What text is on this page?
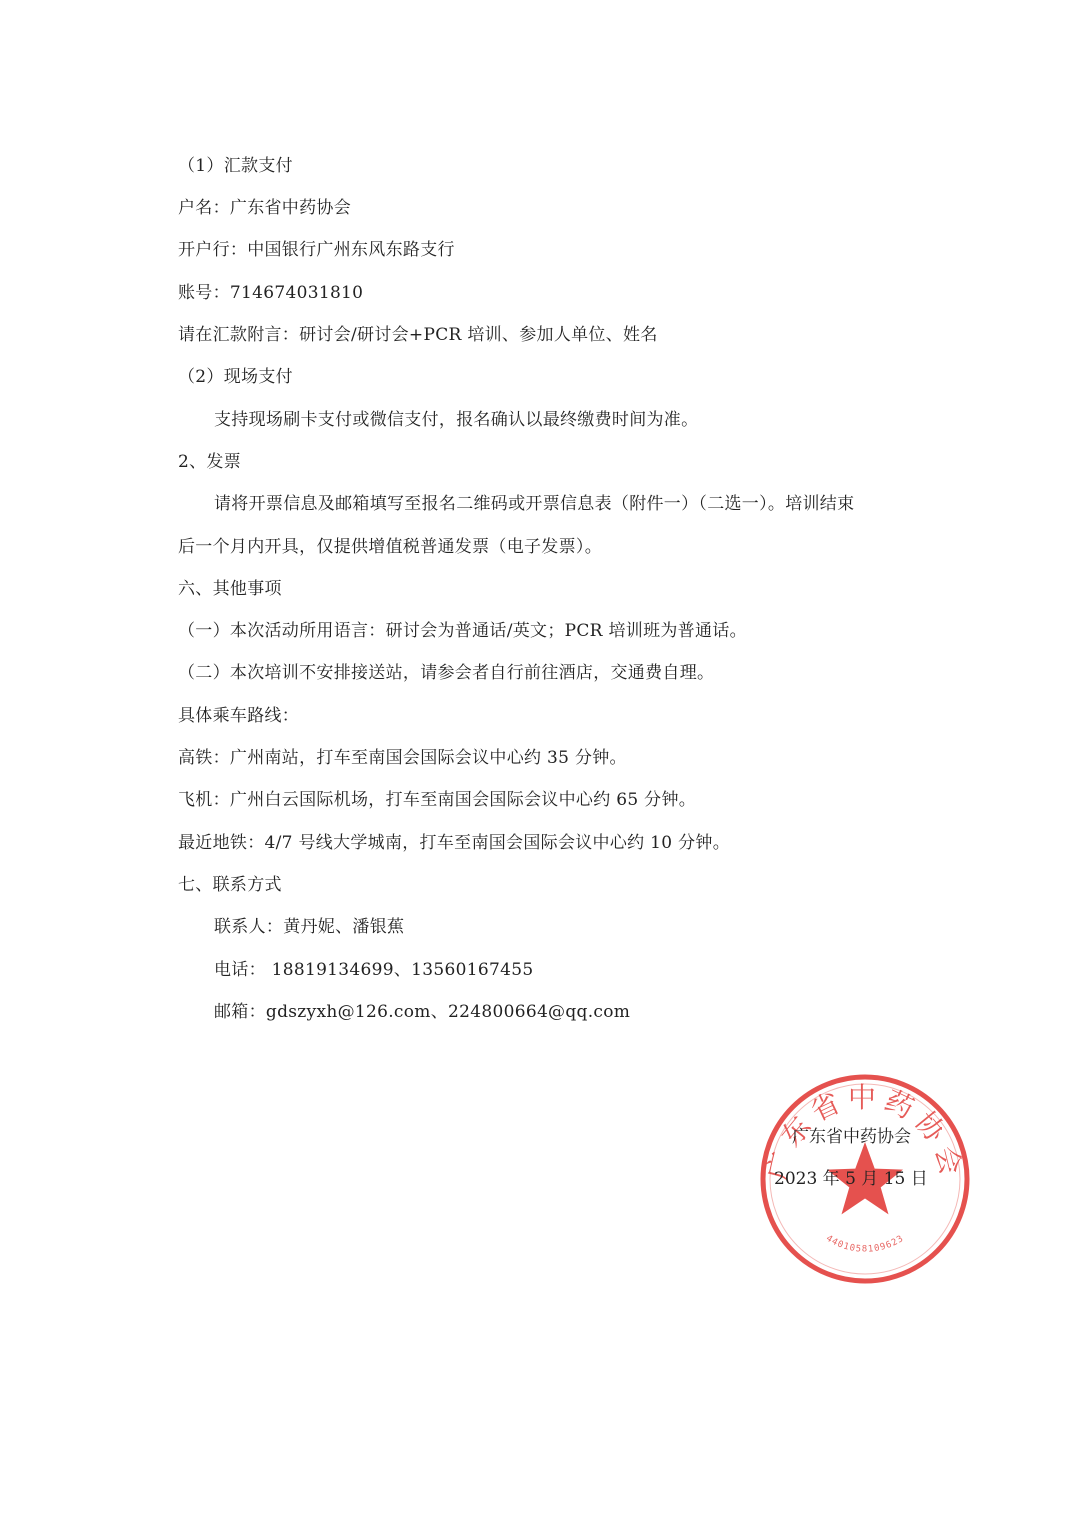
（1）汇款支付
户名：广东省中药协会
开户行：中国银行广州东风东路支行
账号：714674031810
请在汇款附言：研讨会/研讨会+PCR 培训、参加人单位、姓名
（2）现场支付
支持现场刷卡支付或微信支付，报名确认以最终缴费时间为准。
2、发票
请将开票信息及邮箱填写至报名二维码或开票信息表（附件一）（二选一）。培训结束
后一个月内开具，仅提供增值税普通发票（电子发票）。
六、其他事项
（一）本次活动所用语言：研讨会为普通话/英文；PCR 培训班为普通话。
（二）本次培训不安排接送站，请参会者自行前往酒店，交通费自理。
具体乘车路线：
高铁：广州南站，打车至南国会国际会议中心约 35 分钟。
飞机：广州白云国际机场，打车至南国会国际会议中心约 65 分钟。
最近地铁：4/7 号线大学城南，打车至南国会国际会议中心约 10 分钟。
七、联系方式
联系人：黄丹妮、潘银蕉
电话： 18819134699、13560167455
邮箱：gdszyxh@126.com、224800664@qq.com
广东省中药协会
4401058109623
广东省中药协会
2023 年 5 月 15 日
